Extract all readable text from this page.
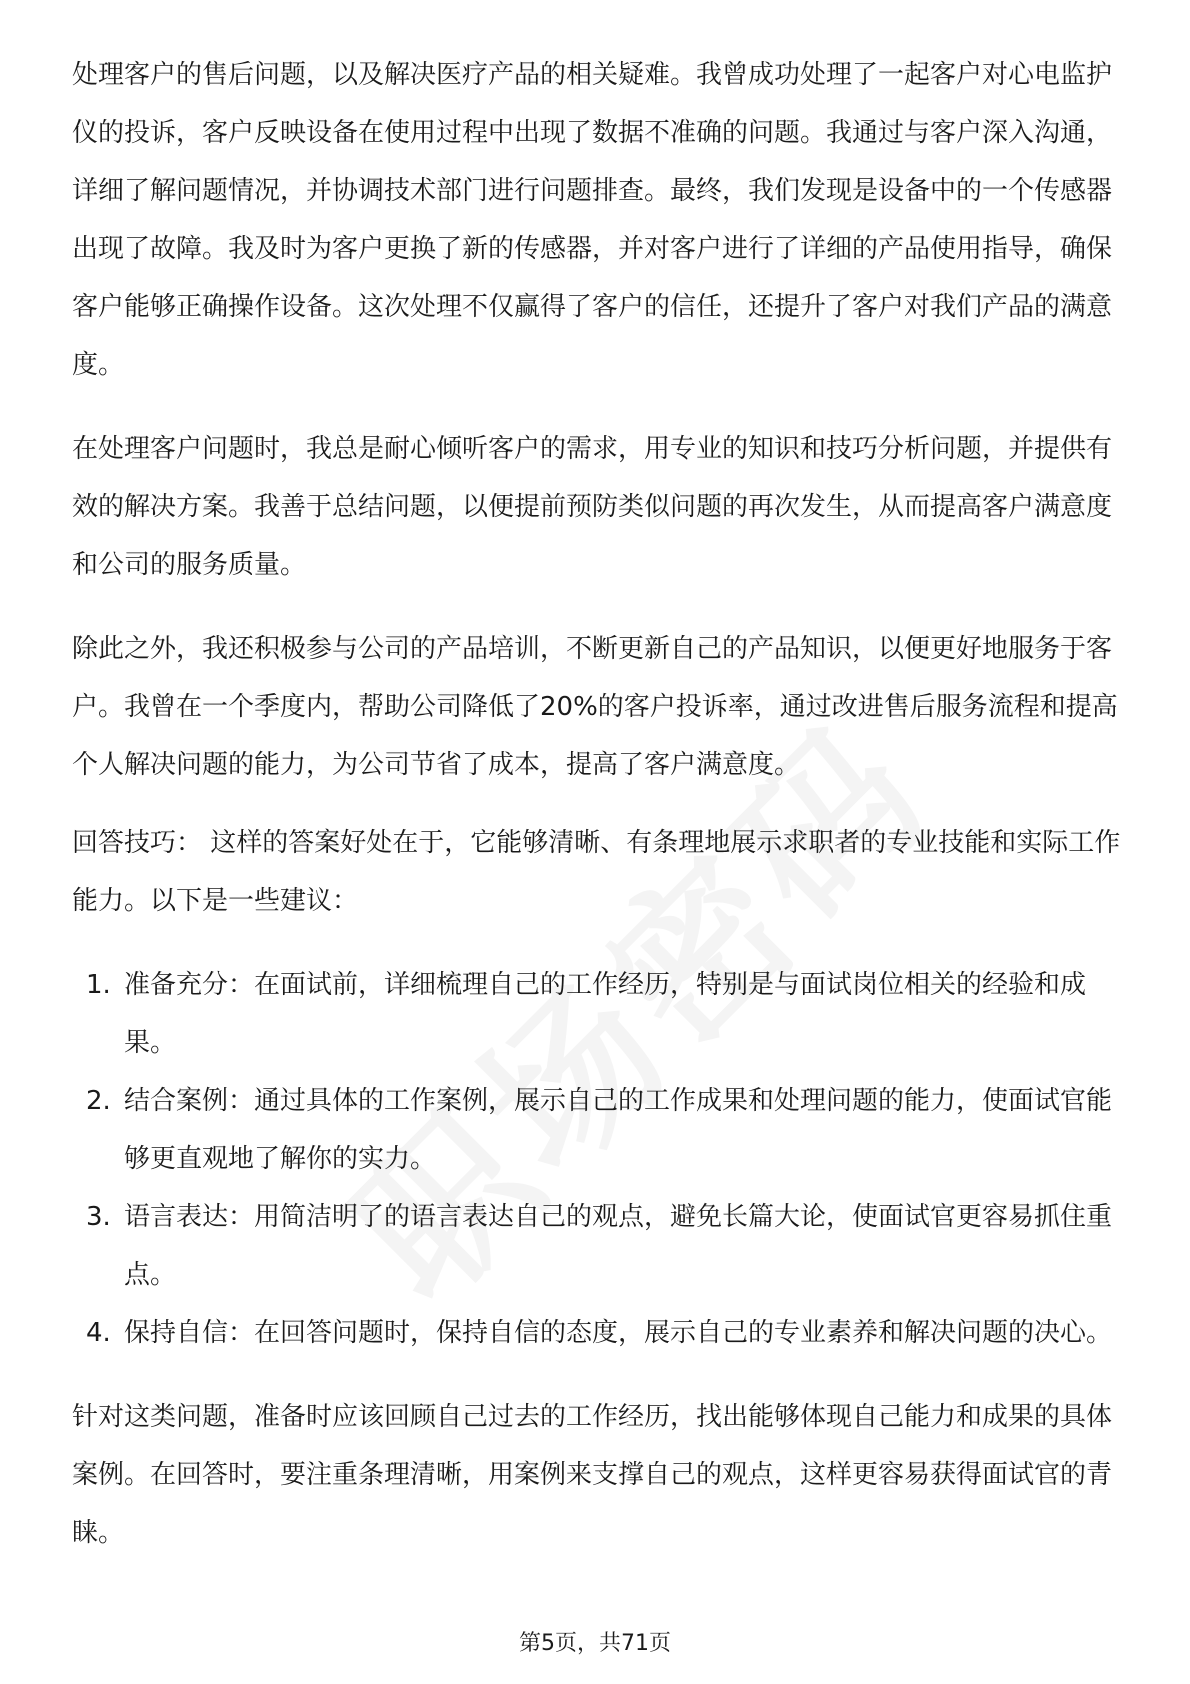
处理客户的售后问题，以及解决医疗产品的相关疑难。我曾成功处理了一起客户对心电监护仪的投诉，客户反映设备在使用过程中出现了数据不准确的问题。我通过与客户深入沟通，详细了解问题情况，并协调技术部门进行问题排查。最终，我们发现是设备中的一个传感器出现了故障。我及时为客户更换了新的传感器，并对客户进行了详细的产品使用指导，确保客户能够正确操作设备。这次处理不仅赢得了客户的信任，还提升了客户对我们产品的满意度。

在处理客户问题时，我总是耐心倾听客户的需求，用专业的知识和技巧分析问题，并提供有效的解决方案。我善于总结问题，以便提前预防类似问题的再次发生，从而提高客户满意度和公司的服务质量。

除此之外，我还积极参与公司的产品培训，不断更新自己的产品知识，以便更好地服务于客户。我曾在一个季度内，帮助公司降低了20%的客户投诉率，通过改进售后服务流程和提高个人解决问题的能力，为公司节省了成本，提高了客户满意度。

回答技巧： 这样的答案好处在于，它能够清晰、有条理地展示求职者的专业技能和实际工作能力。以下是一些建议：

1. 准备充分：在面试前，详细梳理自己的工作经历，特别是与面试岗位相关的经验和成果。
2. 结合案例：通过具体的工作案例，展示自己的工作成果和处理问题的能力，使面试官能够更直观地了解你的实力。
3. 语言表达：用简洁明了的语言表达自己的观点，避免长篇大论，使面试官更容易抓住重点。
4. 保持自信：在回答问题时，保持自信的态度，展示自己的专业素养和解决问题的决心。

针对这类问题，准备时应该回顾自己过去的工作经历，找出能够体现自己能力和成果的具体案例。在回答时，要注重条理清晰，用案例来支撑自己的观点，这样更容易获得面试官的青睐。

第5页，共71页
